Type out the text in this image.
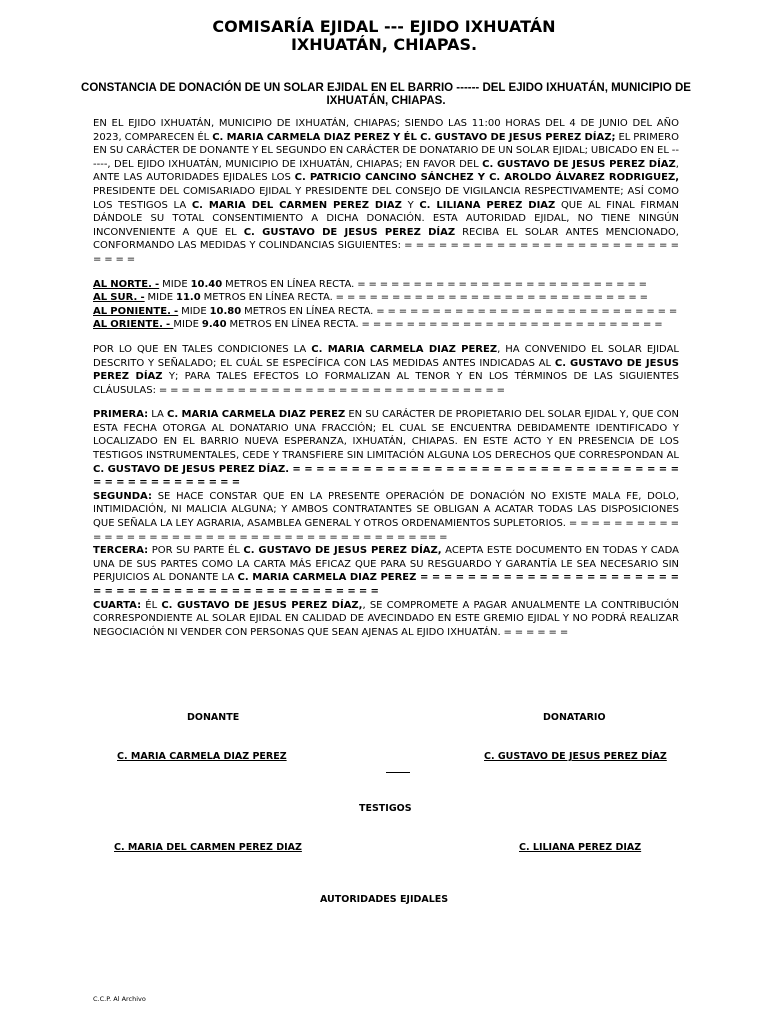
COMISARÍA EJIDAL --- EJIDO IXHUATÁN
IXHUATÁN, CHIAPAS.
CONSTANCIA DE DONACIÓN DE UN SOLAR EJIDAL EN EL BARRIO ------ DEL EJIDO IXHUATÁN, MUNICIPIO DE IXHUATÁN, CHIAPAS.

EN EL EJIDO IXHUATÁN, MUNICIPIO DE IXHUATÁN, CHIAPAS; SIENDO LAS 11:00 HORAS DEL 4 DE JUNIO DEL AÑO 2023, COMPARECEN ÉL C. MARIA CARMELA DIAZ PEREZ Y ÉL C. GUSTAVO DE JESUS PEREZ DÍAZ; EL PRIMERO EN SU CARÁCTER DE DONANTE Y EL SEGUNDO EN CARÁCTER DE DONATARIO DE UN SOLAR EJIDAL; UBICADO EN EL ------, DEL EJIDO IXHUATÁN, MUNICIPIO DE IXHUATÁN, CHIAPAS; EN FAVOR DEL C. GUSTAVO DE JESUS PEREZ DÍAZ, ANTE LAS AUTORIDADES EJIDALES LOS C. PATRICIO CANCINO SÁNCHEZ Y C. AROLDO ÁLVAREZ RODRIGUEZ, PRESIDENTE DEL COMISARIADO EJIDAL Y PRESIDENTE DEL CONSEJO DE VIGILANCIA RESPECTIVAMENTE; ASÍ COMO LOS TESTIGOS LA C. MARIA DEL CARMEN PEREZ DIAZ Y C. LILIANA PEREZ DIAZ QUE AL FINAL FIRMAN DÁNDOLE SU TOTAL CONSENTIMIENTO A DICHA DONACIÓN. ESTA AUTORIDAD EJIDAL, NO TIENE NINGÚN INCONVENIENTE A QUE EL C. GUSTAVO DE JESUS PEREZ DÍAZ RECIBA EL SOLAR ANTES MENCIONADO, CONFORMANDO LAS MEDIDAS Y COLINDANCIAS SIGUIENTES: = = = = = = = = = = = = = = = = = = = = = = = = = = = =

AL NORTE. - MIDE 10.40 METROS EN LÍNEA RECTA. = = = = = = = = = = = = = = = = = = = = = = = = = =
AL SUR. - MIDE 11.0 METROS EN LÍNEA RECTA. = = = = = = = = = = = = = = = = = = = = = = = = = = = =
AL PONIENTE. - MIDE 10.80 METROS EN LÍNEA RECTA. = = = = = = = = = = = = = = = = = = = = = = = = = = =
AL ORIENTE. - MIDE 9.40 METROS EN LÍNEA RECTA. = = = = = = = = = = = = = = = = = = = = = = = = = = =

POR LO QUE EN TALES CONDICIONES LA C. MARIA CARMELA DIAZ PEREZ, HA CONVENIDO EL SOLAR EJIDAL DESCRITO Y SEÑALADO; EL CUÁL SE ESPECÍFICA CON LAS MEDIDAS ANTES INDICADAS AL C. GUSTAVO DE JESUS PEREZ DÍAZ Y; PARA TALES EFECTOS LO FORMALIZAN AL TENOR Y EN LOS TÉRMINOS DE LAS SIGUIENTES CLÁUSULAS: = = = = = = = = = = = = = = = = = = = = = = = = = = = = = = =

PRIMERA: LA C. MARIA CARMELA DIAZ PEREZ EN SU CARÁCTER DE PROPIETARIO DEL SOLAR EJIDAL Y, QUE CON ESTA FECHA OTORGA AL DONATARIO UNA FRACCIÓN; EL CUAL SE ENCUENTRA DEBIDAMENTE IDENTIFICADO Y LOCALIZADO EN EL BARRIO NUEVA ESPERANZA, IXHUATÁN, CHIAPAS. EN ESTE ACTO Y EN PRESENCIA DE LOS TESTIGOS INSTRUMENTALES, CEDE Y TRANSFIERE SIN LIMITACIÓN ALGUNA LOS DERECHOS QUE CORRESPONDAN AL C. GUSTAVO DE JESUS PEREZ DÍAZ. = = = = = = = = = = = = = = = = = = = = = = = = = = = = = = = = = = = = = = = = = = = = = =

SEGUNDA: SE HACE CONSTAR QUE EN LA PRESENTE OPERACIÓN DE DONACIÓN NO EXISTE MALA FE, DOLO, INTIMIDACIÓN, NI MALICIA ALGUNA; Y AMBOS CONTRATANTES SE OBLIGAN A ACATAR TODAS LAS DISPOSICIONES QUE SEÑALA LA LEY AGRARIA, ASAMBLEA GENERAL Y OTROS ORDENAMIENTOS SUPLETORIOS. = = = = = = = = = = = = = = = = = = = = = = = = = = = = = = = = = = = = = = = == =

TERCERA: POR SU PARTE ÉL C. GUSTAVO DE JESUS PEREZ DÍAZ, ACEPTA ESTE DOCUMENTO EN TODAS Y CADA UNA DE SUS PARTES COMO LA CARTA MÁS EFICAZ QUE PARA SU RESGUARDO Y GARANTÍA LE SEA NECESARIO SIN PERJUICIOS AL DONANTE LA C. MARIA CARMELA DIAZ PEREZ = = = = = = = = = = = = = = = = = = = = = = = = = = = = = = = = = = = = = = = = = = = = = = =

CUARTA: ÉL C. GUSTAVO DE JESUS PEREZ DÍAZ,, SE COMPROMETE A PAGAR ANUALMENTE LA CONTRIBUCIÓN CORRESPONDIENTE AL SOLAR EJIDAL EN CALIDAD DE AVECINDADO EN ESTE GREMIO EJIDAL Y NO PODRÁ REALIZAR NEGOCIACIÓN NI VENDER CON PERSONAS QUE SEAN AJENAS AL EJIDO IXHUATÁN. = = = = = =

DONANTE	DONATARIO
C. MARIA CARMELA DIAZ PEREZ	C. GUSTAVO DE JESUS PEREZ DÍAZ
TESTIGOS
C. MARIA DEL CARMEN PEREZ DIAZ	C. LILIANA PEREZ DIAZ
AUTORIDADES EJIDALES
C.C.P. Al Archivo
